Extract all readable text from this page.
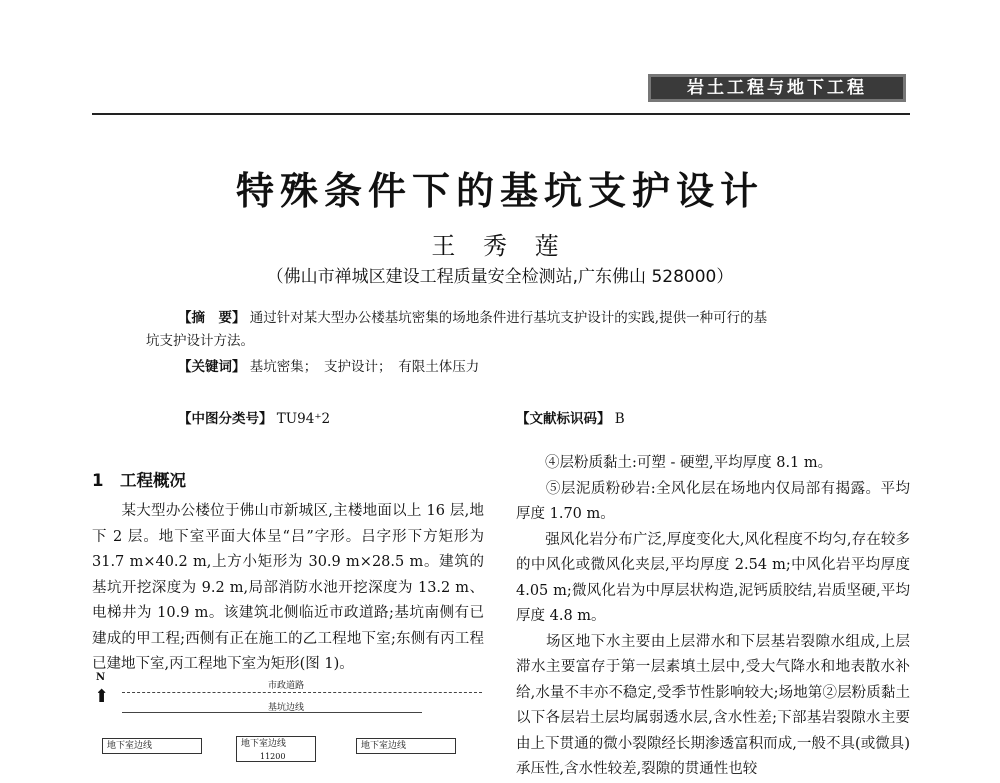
岩土工程与地下工程
特殊条件下的基坑支护设计
王 秀 莲
（佛山市禅城区建设工程质量安全检测站,广东佛山 528000）
【摘　要】 通过针对某大型办公楼基坑密集的场地条件进行基坑支护设计的实践,提供一种可行的基
坑支护设计方法。
【关键词】 基坑密集；　支护设计；　有限土体压力
【中图分类号】 TU94⁺2	【文献标识码】 B
1　工程概况
　　某大型办公楼位于佛山市新城区,主楼地面以上 16 层,地下 2 层。地下室平面大体呈“吕”字形。吕字形下方矩形为31.7 m×40.2 m,上方小矩形为 30.9 m×28.5 m。建筑的基坑开挖深度为 9.2 m,局部消防水池开挖深度为 13.2 m、电梯井为 10.9 m。该建筑北侧临近市政道路;基坑南侧有已建成的甲工程;西侧有正在施工的乙工程地下室;东侧有丙工程已建地下室,丙工程地下室为矩形(图 1)。
N
⬆	市政道路
基坑边线
地下室边线	地下室边线
11200
地下室边线
　　④层粉质黏土:可塑 - 硬塑,平均厚度 8.1 m。
　　⑤层泥质粉砂岩:全风化层在场地内仅局部有揭露。平均厚度 1.70 m。
　　强风化岩分布广泛,厚度变化大,风化程度不均匀,存在较多的中风化或微风化夹层,平均厚度 2.54 m;中风化岩平均厚度 4.05 m;微风化岩为中厚层状构造,泥钙质胶结,岩质坚硬,平均厚度 4.8 m。
　　场区地下水主要由上层滞水和下层基岩裂隙水组成,上层滞水主要富存于第一层素填土层中,受大气降水和地表散水补给,水量不丰亦不稳定,受季节性影响较大;场地第②层粉质黏土以下各层岩土层均属弱透水层,含水性差;下部基岩裂隙水主要由上下贯通的微小裂隙经长期渗透富积而成,一般不具(或微具)承压性,含水性较差,裂隙的贯通性也较
